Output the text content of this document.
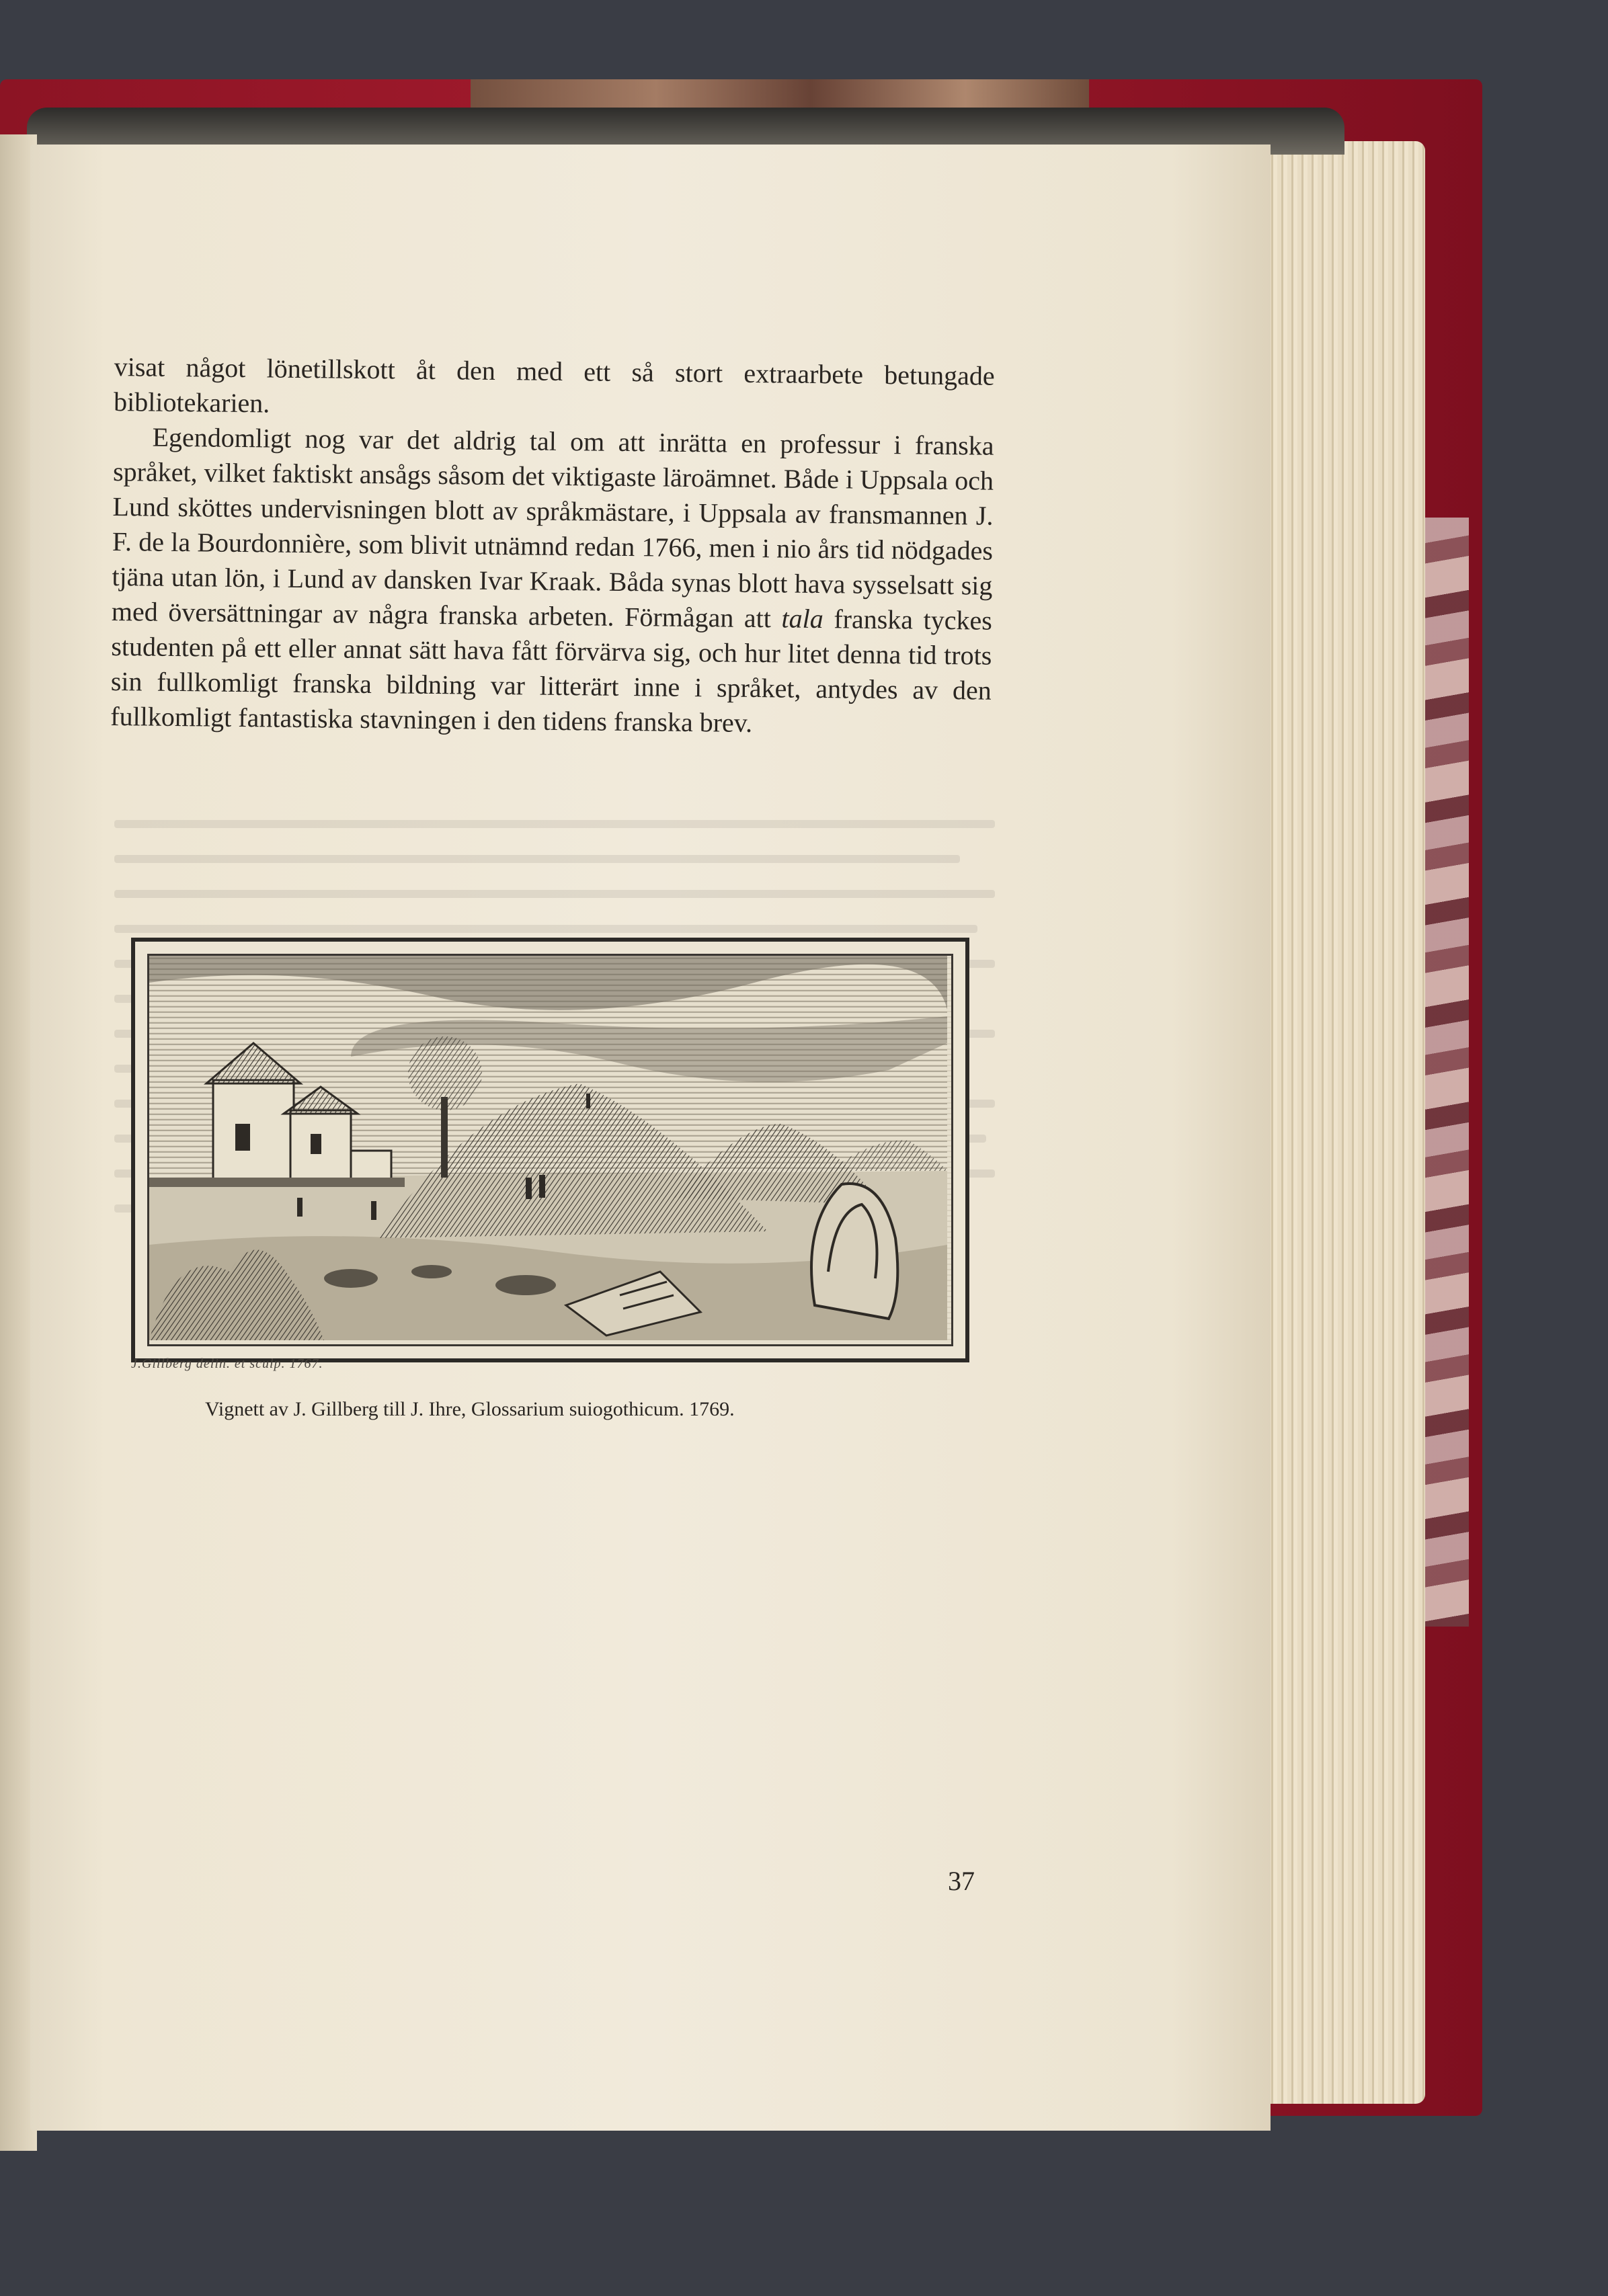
visat något lönetillskott åt den med ett så stort extraarbete betungade bibliotekarien.

Egendomligt nog var det aldrig tal om att inrätta en professur i franska språket, vilket faktiskt ansågs såsom det viktigaste läroämnet. Både i Uppsala och Lund sköttes undervisningen blott av språkmästare, i Uppsala av fransmannen J. F. de la Bourdonnière, som blivit utnämnd redan 1766, men i nio års tid nödgades tjäna utan lön, i Lund av dansken Ivar Kraak. Båda synas blott hava sysselsatt sig med översättningar av några franska arbeten. Förmågan att tala franska tyckes studenten på ett eller annat sätt hava fått förvärva sig, och hur litet denna tid trots sin fullkomligt franska bildning var litterärt inne i språket, antydes av den fullkomligt fantastiska stavningen i den tidens franska brev.

J.Gillberg delin. et sculp. 1767.
Vignett av J. Gillberg till J. Ihre, Glossarium suiogothicum. 1769.
37
